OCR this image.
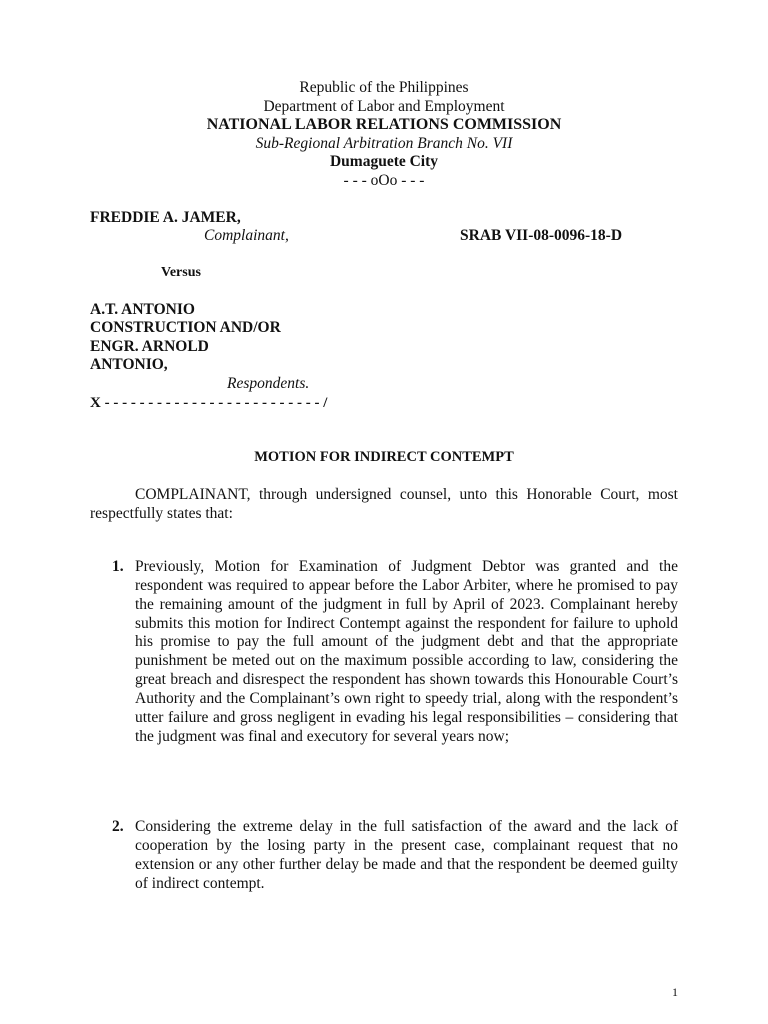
Republic of the Philippines
Department of Labor and Employment
NATIONAL LABOR RELATIONS COMMISSION
Sub-Regional Arbitration Branch No. VII
Dumaguete City
- - - oOo - - -
FREDDIE A. JAMER,
Complainant,	SRAB VII-08-0096-18-D
Versus
A.T. ANTONIO
CONSTRUCTION AND/OR
ENGR. ARNOLD
ANTONIO,
Respondents.
X - - - - - - - - - - - - - - - - - - - - - - - - - /
MOTION FOR INDIRECT CONTEMPT
COMPLAINANT, through undersigned counsel, unto this Honorable Court, most respectfully states that:
1. Previously, Motion for Examination of Judgment Debtor was granted and the respondent was required to appear before the Labor Arbiter, where he promised to pay the remaining amount of the judgment in full by April of 2023. Complainant hereby submits this motion for Indirect Contempt against the respondent for failure to uphold his promise to pay the full amount of the judgment debt and that the appropriate punishment be meted out on the maximum possible according to law, considering the great breach and disrespect the respondent has shown towards this Honourable Court’s Authority and the Complainant’s own right to speedy trial, along with the respondent’s utter failure and gross negligent in evading his legal responsibilities – considering that the judgment was final and executory for several years now;
2. Considering the extreme delay in the full satisfaction of the award and the lack of cooperation by the losing party in the present case, complainant request that no extension or any other further delay be made and that the respondent be deemed guilty of indirect contempt.
1
